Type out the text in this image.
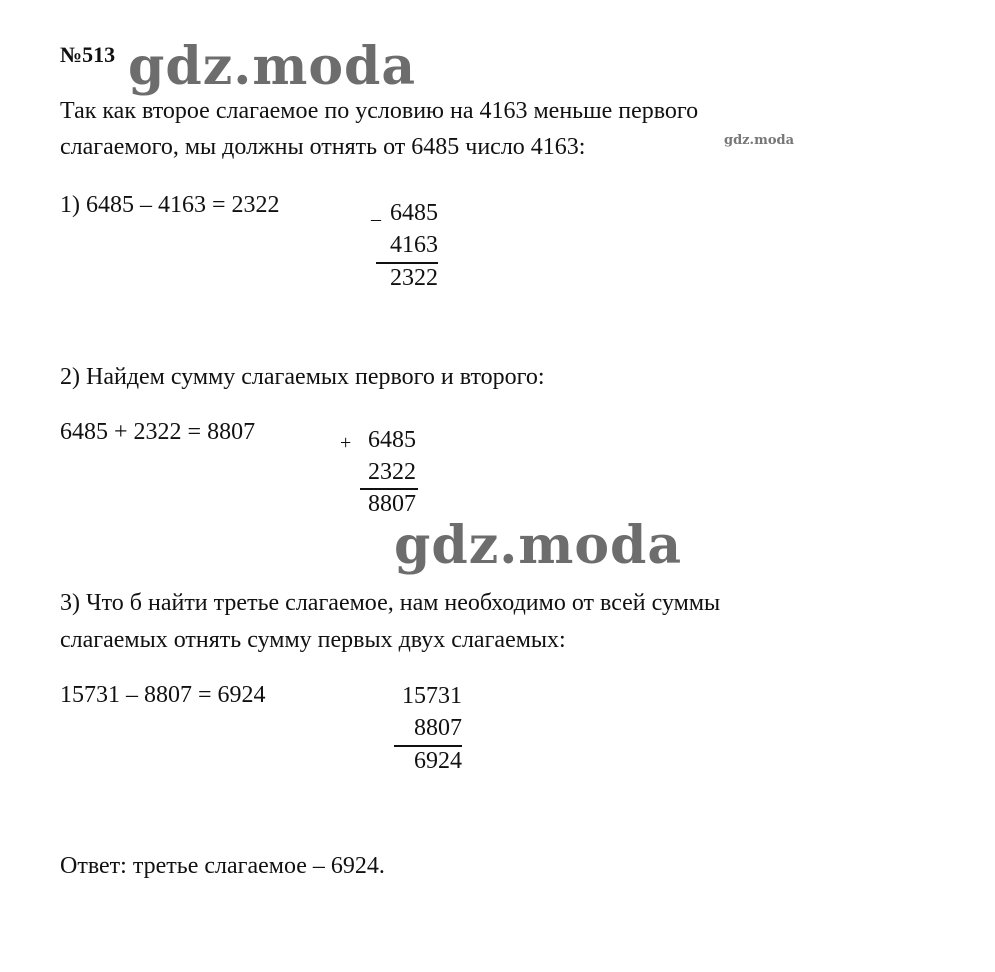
№513 gdz.moda
gdz.moda
Так как второе слагаемое по условию на 4163 меньше первого
слагаемого, мы должны отнять от 6485 число 4163:
1) 6485 – 4163 = 2322
– 6485
4163
2322
2) Найдем сумму слагаемых первого и второго:
6485 + 2322 = 8807	+ 6485
2322
8807
gdz.moda
3) Что б найти третье слагаемое, нам необходимо от всей суммы
слагаемых отнять сумму первых двух слагаемых:
15731 – 8807 = 6924	15731
8807
6924
Ответ: третье слагаемое – 6924.
